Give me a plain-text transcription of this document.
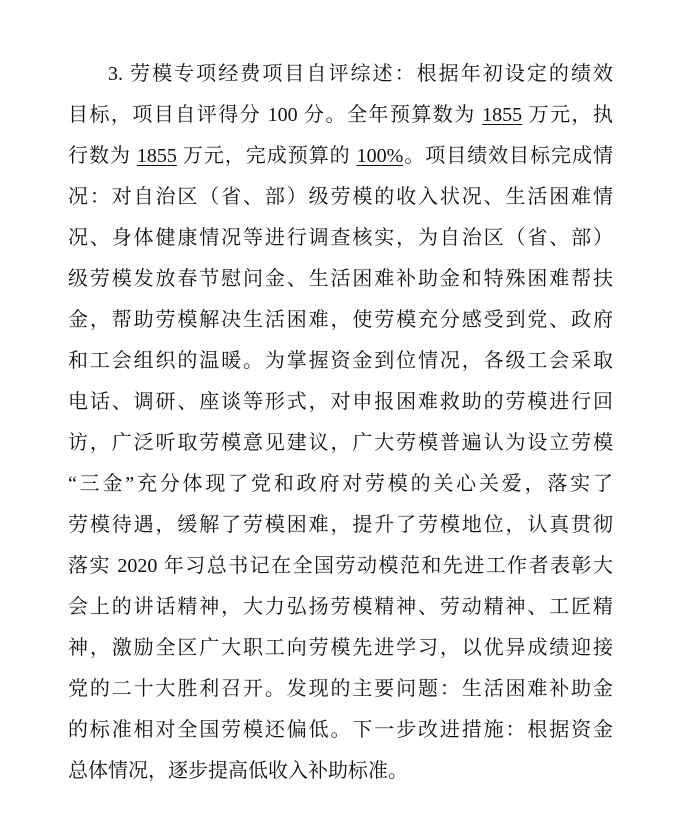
3. 劳模专项经费项目自评综述：根据年初设定的绩效
目标，项目自评得分 100 分。全年预算数为 1855 万元，执
行数为 1855 万元，完成预算的 100%。项目绩效目标完成情
况：对自治区（省、部）级劳模的收入状况、生活困难情
况、身体健康情况等进行调查核实，为自治区（省、部）
级劳模发放春节慰问金、生活困难补助金和特殊困难帮扶
金，帮助劳模解决生活困难，使劳模充分感受到党、政府
和工会组织的温暖。为掌握资金到位情况，各级工会采取
电话、调研、座谈等形式，对申报困难救助的劳模进行回
访，广泛听取劳模意见建议，广大劳模普遍认为设立劳模
“三金”充分体现了党和政府对劳模的关心关爱，落实了
劳模待遇，缓解了劳模困难，提升了劳模地位，认真贯彻
落实 2020 年习总书记在全国劳动模范和先进工作者表彰大
会上的讲话精神，大力弘扬劳模精神、劳动精神、工匠精
神，激励全区广大职工向劳模先进学习，以优异成绩迎接
党的二十大胜利召开。发现的主要问题：生活困难补助金
的标准相对全国劳模还偏低。下一步改进措施：根据资金
总体情况，逐步提高低收入补助标准。
